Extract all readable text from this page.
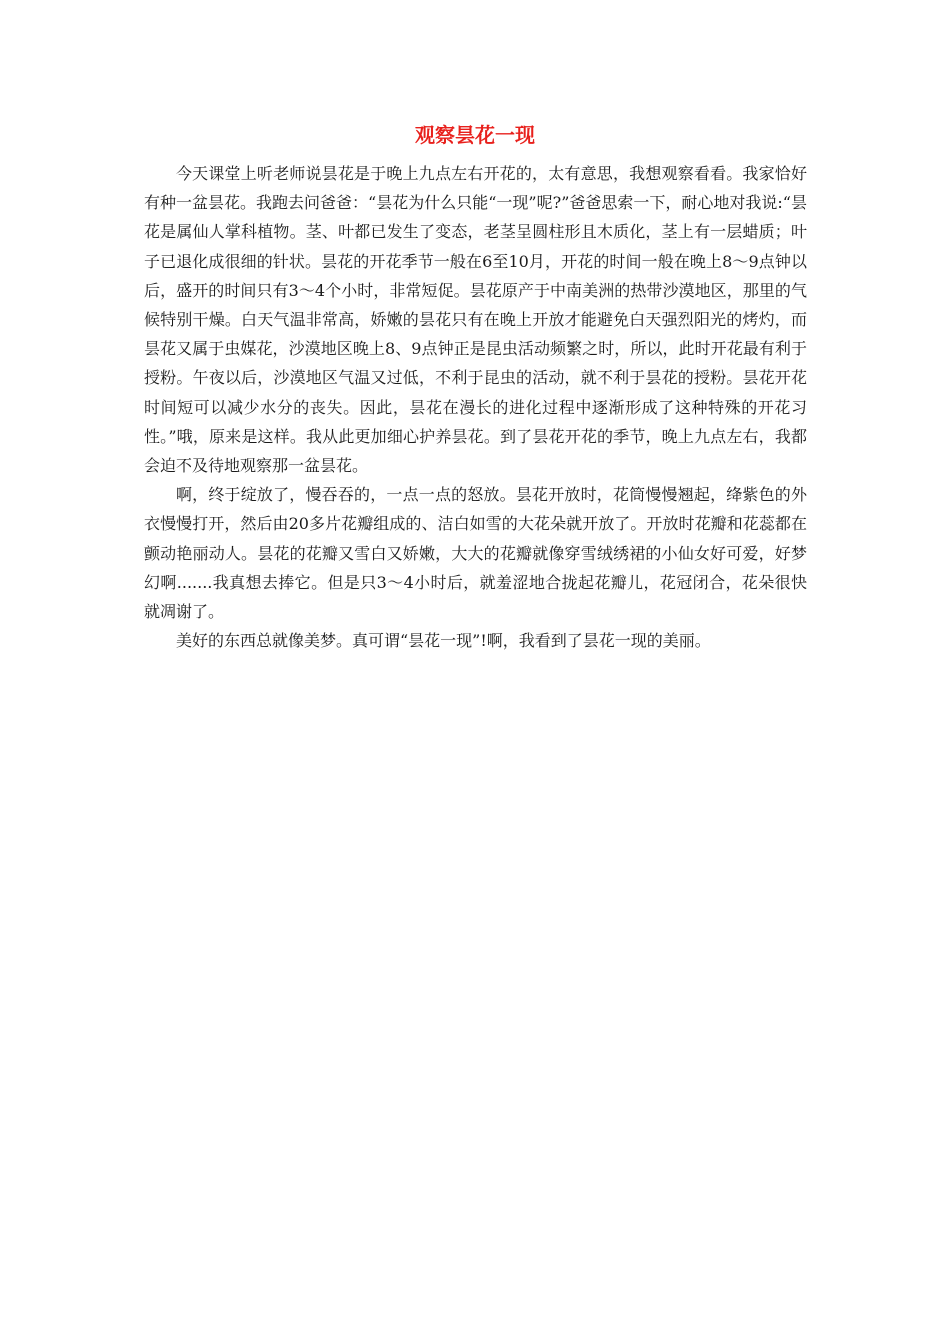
观察昙花一现

今天课堂上听老师说昙花是于晚上九点左右开花的，太有意思，我想观察看看。我家恰好有种一盆昙花。我跑去问爸爸：“昙花为什么只能“一现”呢?”爸爸思索一下，耐心地对我说:“昙花是属仙人掌科植物。茎、叶都已发生了变态，老茎呈圆柱形且木质化，茎上有一层蜡质；叶子已退化成很细的针状。昙花的开花季节一般在6至10月，开花的时间一般在晚上8～9点钟以后，盛开的时间只有3～4个小时，非常短促。昙花原产于中南美洲的热带沙漠地区，那里的气候特别干燥。白天气温非常高，娇嫩的昙花只有在晚上开放才能避免白天强烈阳光的烤灼，而昙花又属于虫媒花，沙漠地区晚上8、9点钟正是昆虫活动频繁之时，所以，此时开花最有利于授粉。午夜以后，沙漠地区气温又过低，不利于昆虫的活动，就不利于昙花的授粉。昙花开花时间短可以减少水分的丧失。因此，昙花在漫长的进化过程中逐渐形成了这种特殊的开花习性。”哦，原来是这样。我从此更加细心护养昙花。到了昙花开花的季节，晚上九点左右，我都会迫不及待地观察那一盆昙花。

啊，终于绽放了，慢吞吞的，一点一点的怒放。昙花开放时，花筒慢慢翘起，绛紫色的外衣慢慢打开，然后由20多片花瓣组成的、洁白如雪的大花朵就开放了。开放时花瓣和花蕊都在颤动艳丽动人。昙花的花瓣又雪白又娇嫩，大大的花瓣就像穿雪绒绣裙的小仙女好可爱，好梦幻啊.......我真想去捧它。但是只3～4小时后，就羞涩地合拢起花瓣儿，花冠闭合，花朵很快就凋谢了。

美好的东西总就像美梦。真可谓“昙花一现”!啊，我看到了昙花一现的美丽。
